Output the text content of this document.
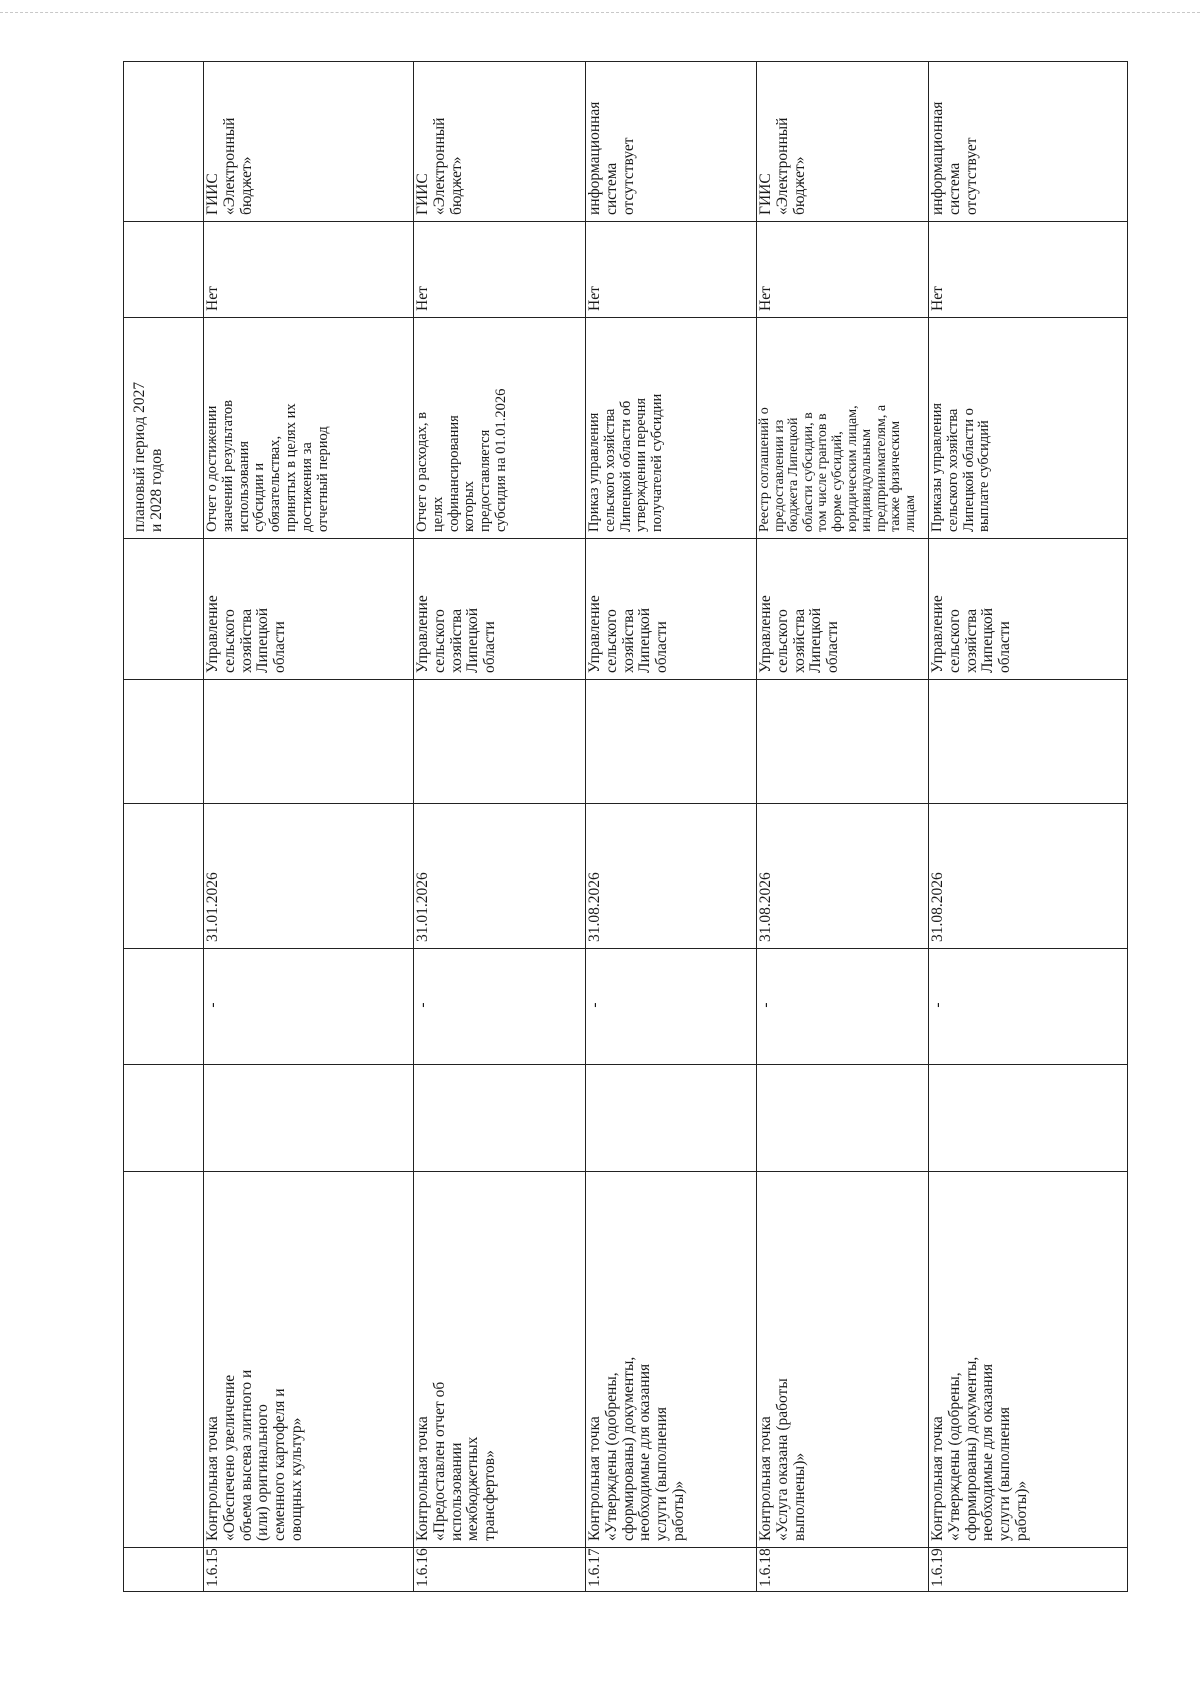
плановый период 2027
и 2028 годов
1.6.15
Контрольная точка
«Обеспечено увеличение
объема высева элитного и
(или) оригинального
семенного картофеля и
овощных культур»
-
31.01.2026
Управление
сельского
хозяйства
Липецкой
области
Отчет о достижении
значений результатов
использования
субсидии и
обязательствах,
принятых в целях их
достижения за
отчетный период
Нет
ГИИС
«Электронный
бюджет»
1.6.16
Контрольная точка
«Предоставлен отчет об
использовании
межбюджетных
трансфертов»
-
31.01.2026
Управление
сельского
хозяйства
Липецкой
области
Отчет о расходах, в
целях
софинансирования
которых
предоставляется
субсидия на 01.01.2026
Нет
ГИИС
«Электронный
бюджет»
1.6.17
Контрольная точка
«Утверждены (одобрены,
сформированы) документы,
необходимые для оказания
услуги (выполнения
работы)»
-
31.08.2026
Управление
сельского
хозяйства
Липецкой
области
Приказ управления
сельского хозяйства
Липецкой области об
утверждении перечня
получателей субсидии
Нет
информационная
система
отсутствует
1.6.18
Контрольная точка
«Услуга оказана (работы
выполнены)»
-
31.08.2026
Управление
сельского
хозяйства
Липецкой
области
Реестр соглашений о
предоставлении из
бюджета Липецкой
области субсидии, в
том числе грантов в
форме субсидий,
юридическим лицам,
индивидуальным
предпринимателям, а
также физическим
лицам
Нет
ГИИС
«Электронный
бюджет»
1.6.19
Контрольная точка
«Утверждены (одобрены,
сформированы) документы,
необходимые для оказания
услуги (выполнения
работы)»
-
31.08.2026
Управление
сельского
хозяйства
Липецкой
области
Приказы управления
сельского хозяйства
Липецкой области о
выплате субсидий
Нет
информационная
система
отсутствует
